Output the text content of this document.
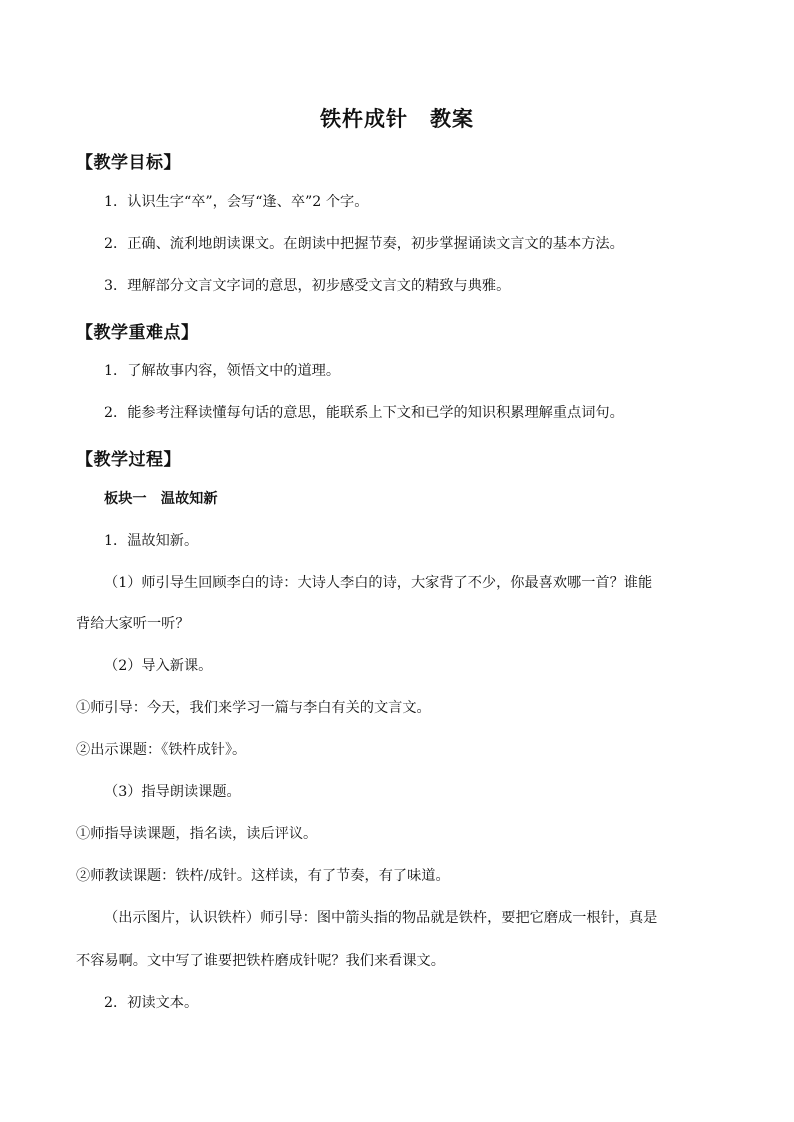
铁杵成针　教案
【教学目标】
1．认识生字“卒”，会写“逢、卒”2 个字。
2．正确、流利地朗读课文。在朗读中把握节奏，初步掌握诵读文言文的基本方法。
3．理解部分文言文字词的意思，初步感受文言文的精致与典雅。
【教学重难点】
1．了解故事内容，领悟文中的道理。
2．能参考注释读懂每句话的意思，能联系上下文和已学的知识积累理解重点词句。
【教学过程】
板块一　温故知新
1．温故知新。
（1）师引导生回顾李白的诗：大诗人李白的诗，大家背了不少，你最喜欢哪一首？谁能
背给大家听一听？
（2）导入新课。
①师引导：今天，我们来学习一篇与李白有关的文言文。
②出示课题：《铁杵成针》。
（3）指导朗读课题。
①师指导读课题，指名读，读后评议。
②师教读课题：铁杵/成针。这样读，有了节奏，有了味道。
（出示图片，认识铁杵）师引导：图中箭头指的物品就是铁杵，要把它磨成一根针，真是
不容易啊。文中写了谁要把铁杵磨成针呢？我们来看课文。
2．初读文本。
